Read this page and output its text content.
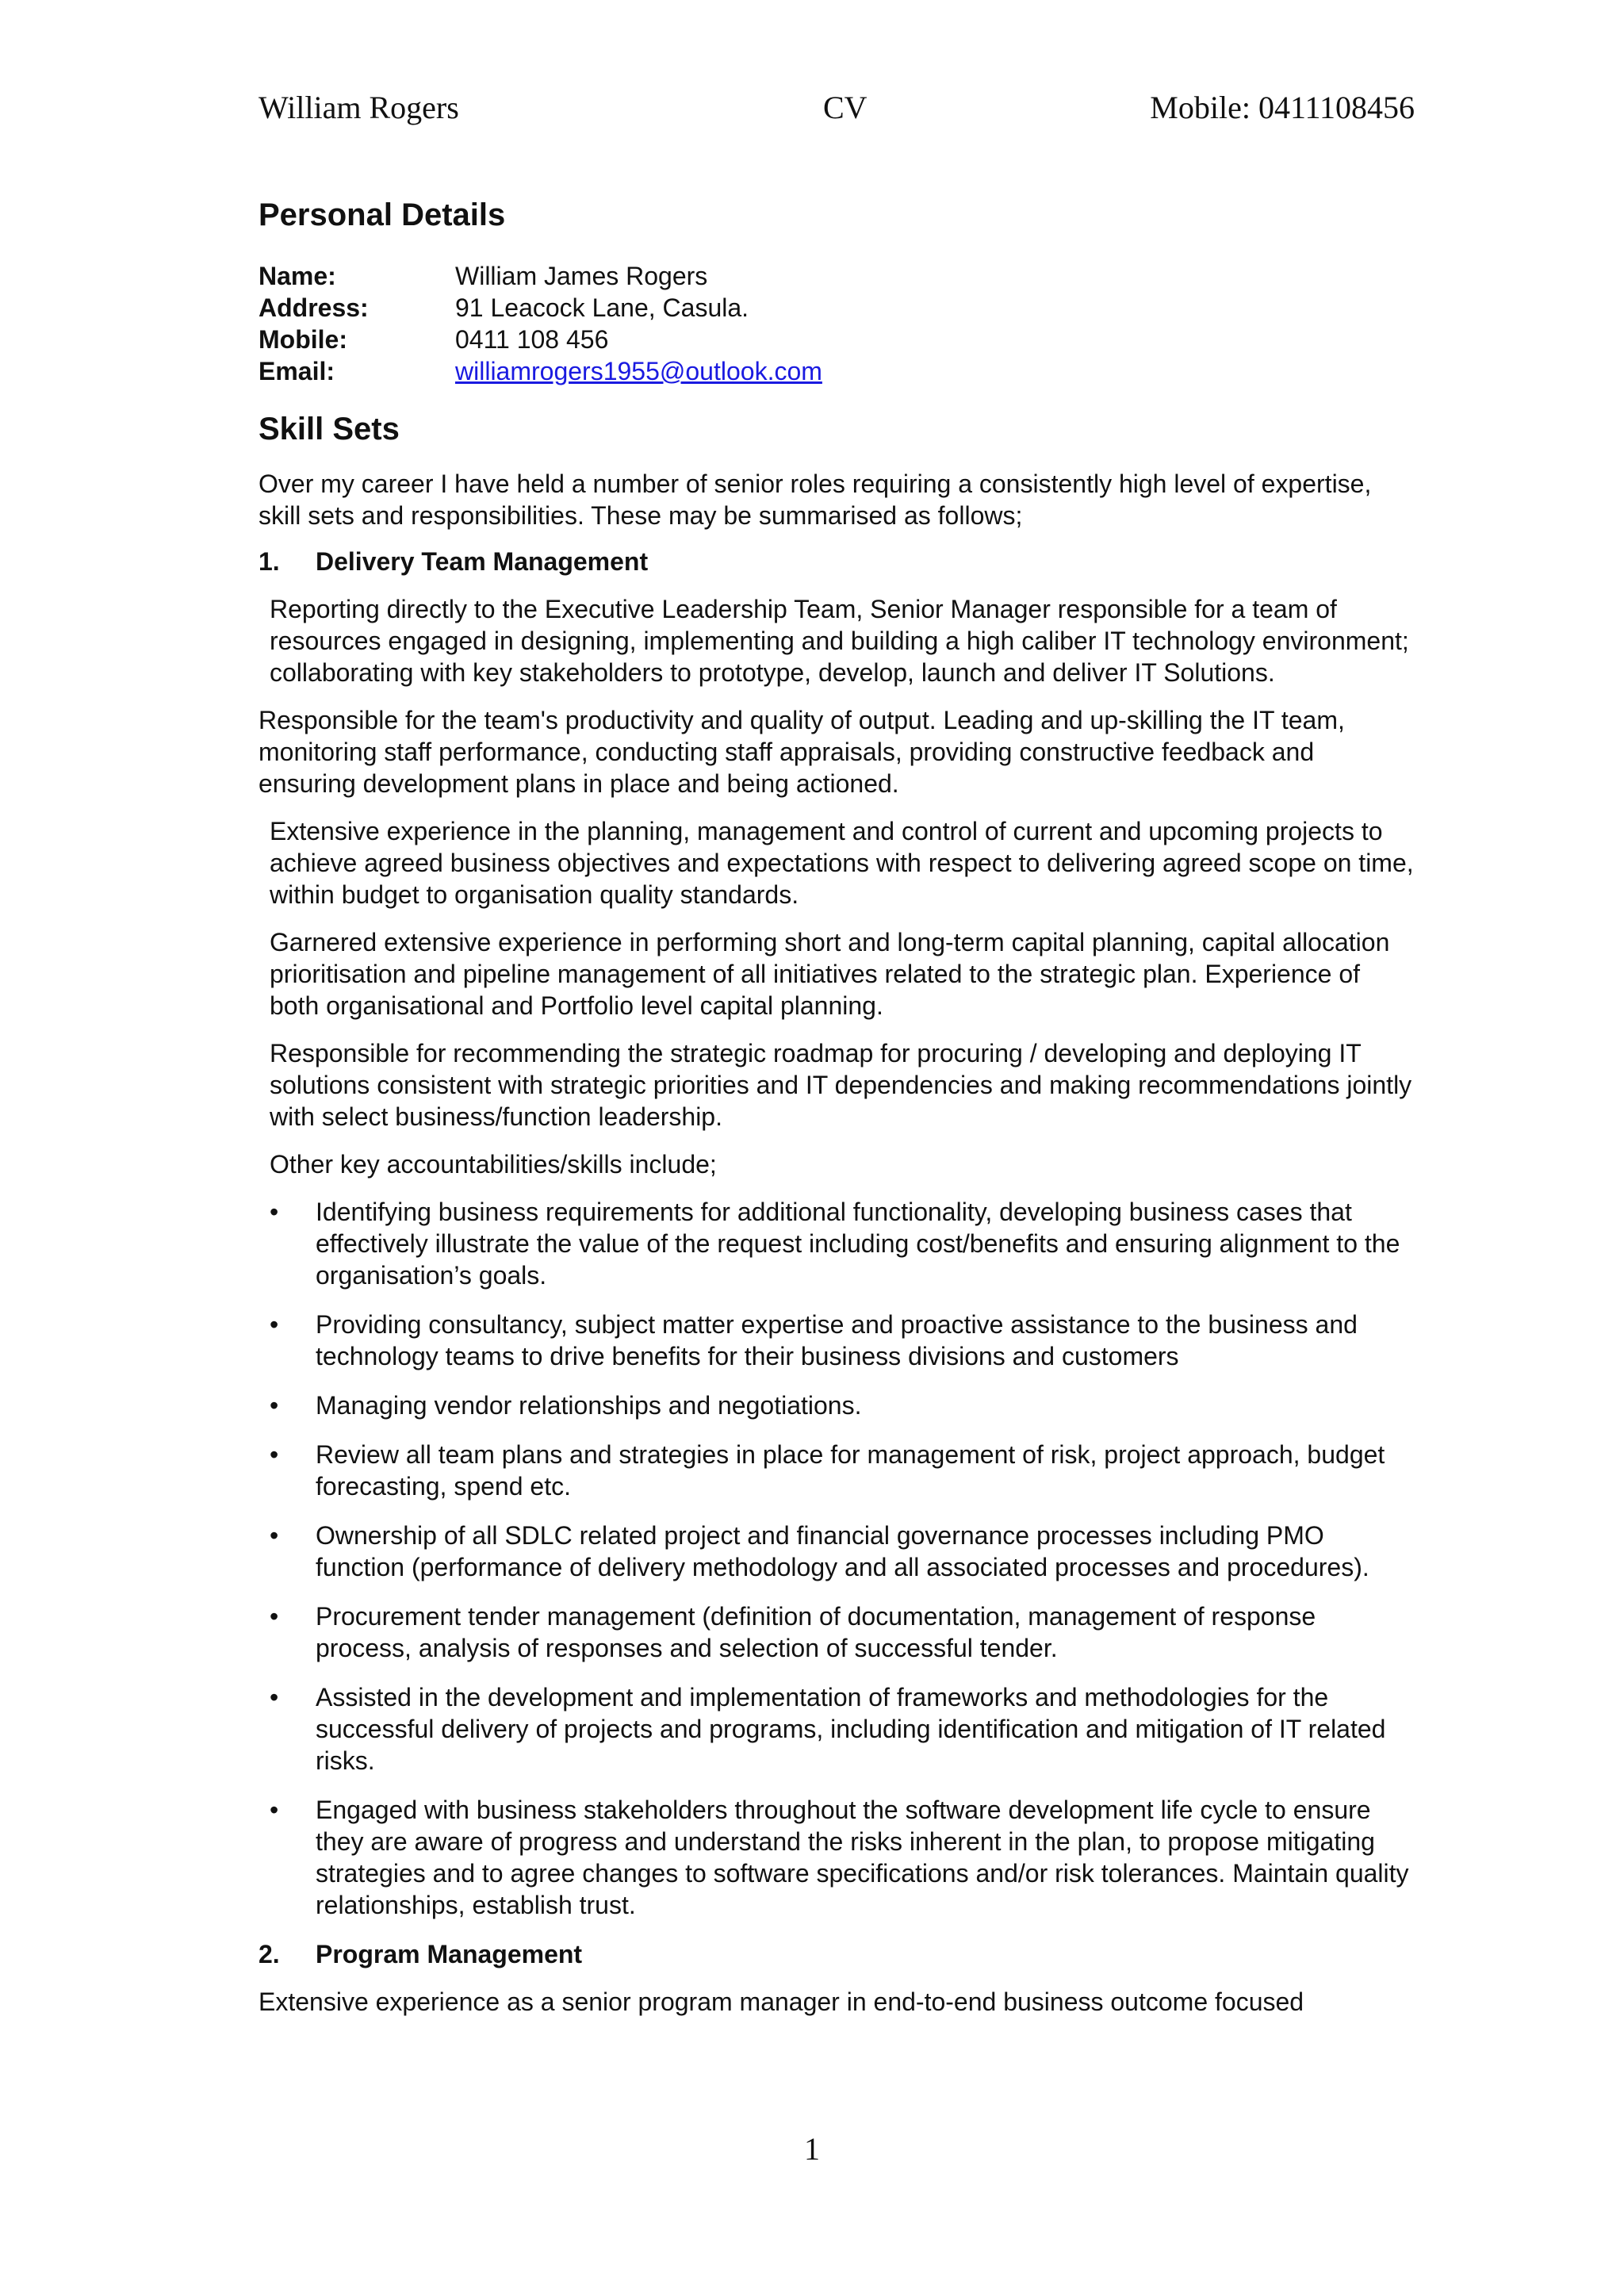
William Rogers	CV	Mobile: 0411108456
Personal Details
Name:	William James Rogers
Address:	91 Leacock Lane, Casula.
Mobile:	0411 108 456
Email:	williamrogers1955@outlook.com
Skill Sets

Over my career I have held a number of senior roles requiring a consistently high level of expertise, skill sets and responsibilities. These may be summarised as follows;

1.	Delivery Team Management

Reporting directly to the Executive Leadership Team, Senior Manager responsible for a team of resources engaged in designing, implementing and building a high caliber IT technology environment; collaborating with key stakeholders to prototype, develop, launch and deliver IT Solutions.

Responsible for the team's productivity and quality of output. Leading and up-skilling the IT team, monitoring staff performance, conducting staff appraisals, providing constructive feedback and ensuring development plans in place and being actioned.

Extensive experience in the planning, management and control of current and upcoming projects to achieve agreed business objectives and expectations with respect to delivering agreed scope on time, within budget to organisation quality standards.

Garnered extensive experience in performing short and long-term capital planning, capital allocation prioritisation and pipeline management of all initiatives related to the strategic plan. Experience of both organisational and Portfolio level capital planning.

Responsible for recommending the strategic roadmap for procuring / developing and deploying IT solutions consistent with strategic priorities and IT dependencies and making recommendations jointly with select business/function leadership.

Other key accountabilities/skills include;

• Identifying business requirements for additional functionality, developing business cases that effectively illustrate the value of the request including cost/benefits and ensuring alignment to the organisation’s goals.
• Providing consultancy, subject matter expertise and proactive assistance to the business and technology teams to drive benefits for their business divisions and customers
• Managing vendor relationships and negotiations.
• Review all team plans and strategies in place for management of risk, project approach, budget forecasting, spend etc.
• Ownership of all SDLC related project and financial governance processes including PMO function (performance of delivery methodology and all associated processes and procedures).
• Procurement tender management (definition of documentation, management of response process, analysis of responses and selection of successful tender.
• Assisted in the development and implementation of frameworks and methodologies for the successful delivery of projects and programs, including identification and mitigation of IT related risks.
• Engaged with business stakeholders throughout the software development life cycle to ensure they are aware of progress and understand the risks inherent in the plan, to propose mitigating strategies and to agree changes to software specifications and/or risk tolerances. Maintain quality relationships, establish trust.
2.	Program Management

Extensive experience as a senior program manager in end-to-end business outcome focused

1
